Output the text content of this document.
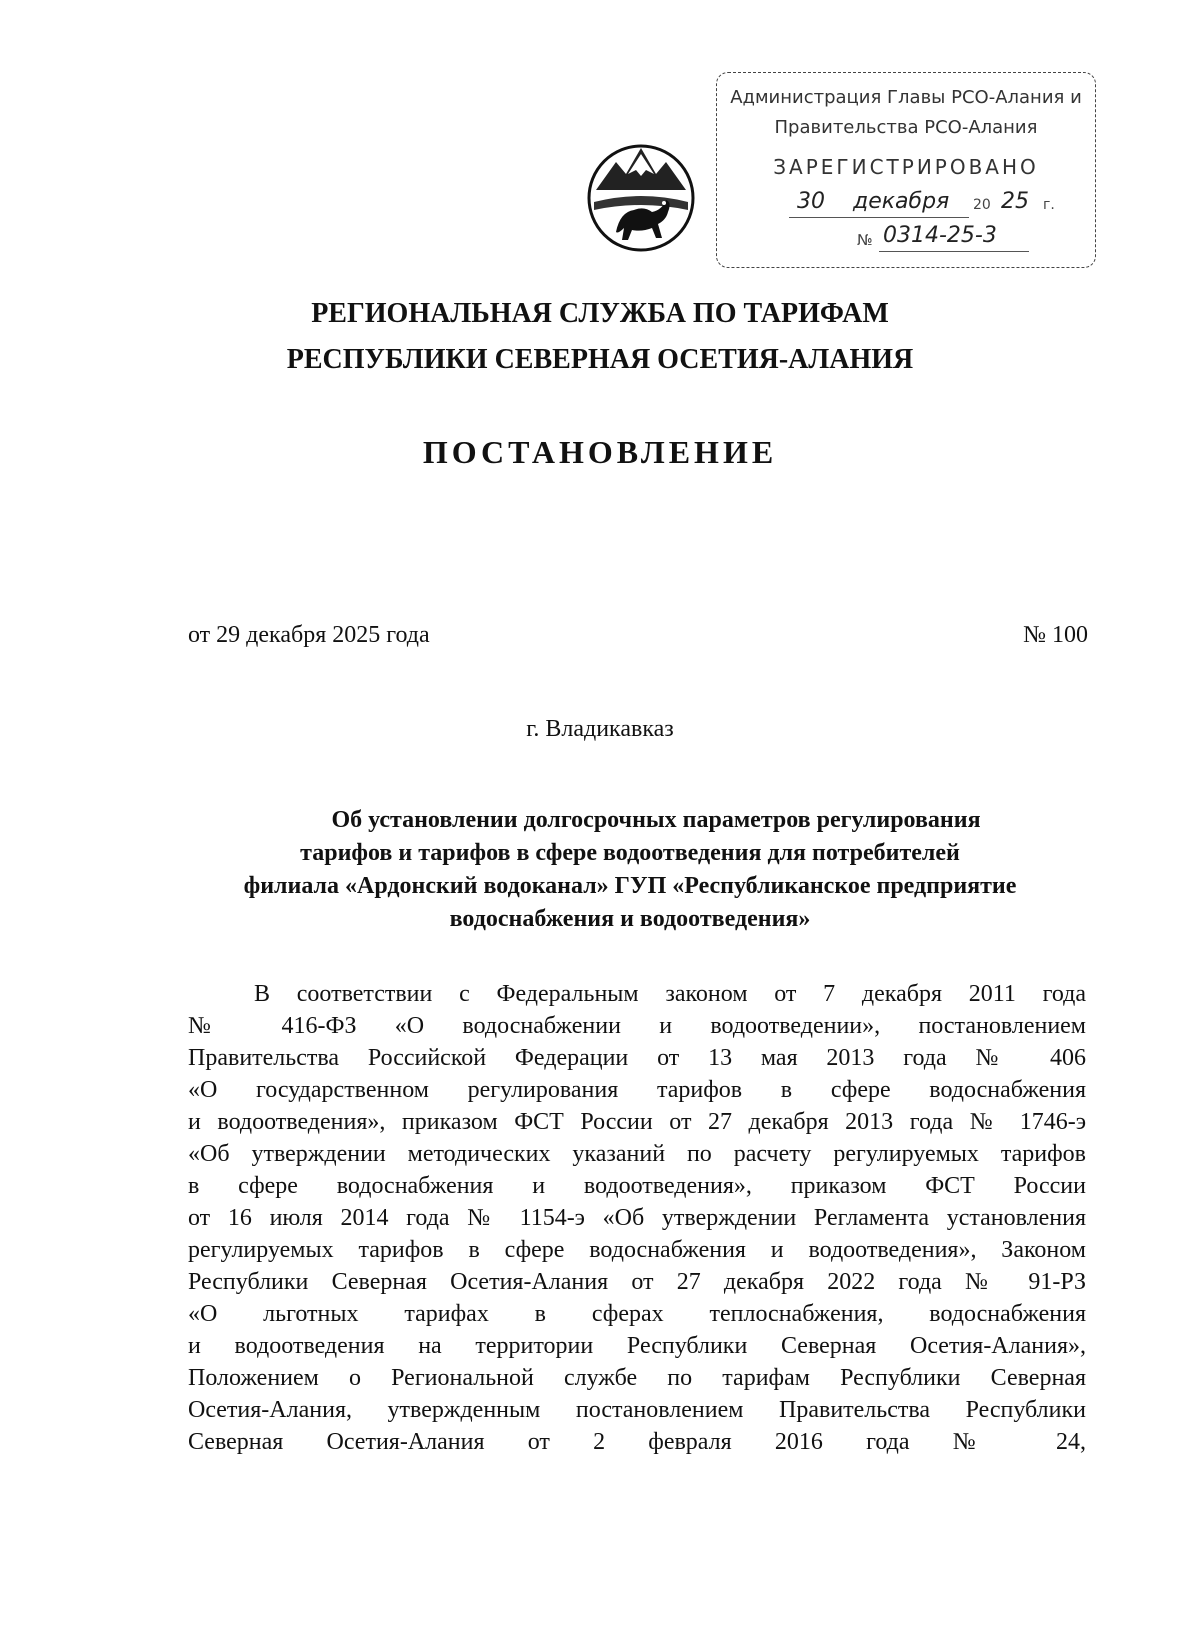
Администрация Главы РСО-Алания и
Правительства РСО-Алания
ЗАРЕГИСТРИРОВАНО
30 декабря 20 25 г.
№ 0314-25-3
РЕГИОНАЛЬНАЯ СЛУЖБА ПО ТАРИФАМ
РЕСПУБЛИКИ СЕВЕРНАЯ ОСЕТИЯ-АЛАНИЯ
ПОСТАНОВЛЕНИЕ
от 29 декабря 2025 года	№ 100
г. Владикавказ
Об установлении долгосрочных параметров регулирования
тарифов и тарифов в сфере водоотведения для потребителей
филиала «Ардонский водоканал» ГУП «Республиканское предприятие
водоснабжения и водоотведения»
В соответствии с Федеральным законом от 7 декабря 2011 года
№ 416-ФЗ «О водоснабжении и водоотведении», постановлением
Правительства Российской Федерации от 13 мая 2013 года № 406
«О государственном регулирования тарифов в сфере водоснабжения
и водоотведения», приказом ФСТ России от 27 декабря 2013 года № 1746-э
«Об утверждении методических указаний по расчету регулируемых тарифов
в сфере водоснабжения и водоотведения», приказом ФСТ России
от 16 июля 2014 года № 1154-э «Об утверждении Регламента установления
регулируемых тарифов в сфере водоснабжения и водоотведения», Законом
Республики Северная Осетия-Алания от 27 декабря 2022 года № 91-РЗ
«О льготных тарифах в сферах теплоснабжения, водоснабжения
и водоотведения на территории Республики Северная Осетия-Алания»,
Положением о Региональной службе по тарифам Республики Северная
Осетия-Алания, утвержденным постановлением Правительства Республики
Северная Осетия-Алания от 2 февраля 2016 года № 24,
